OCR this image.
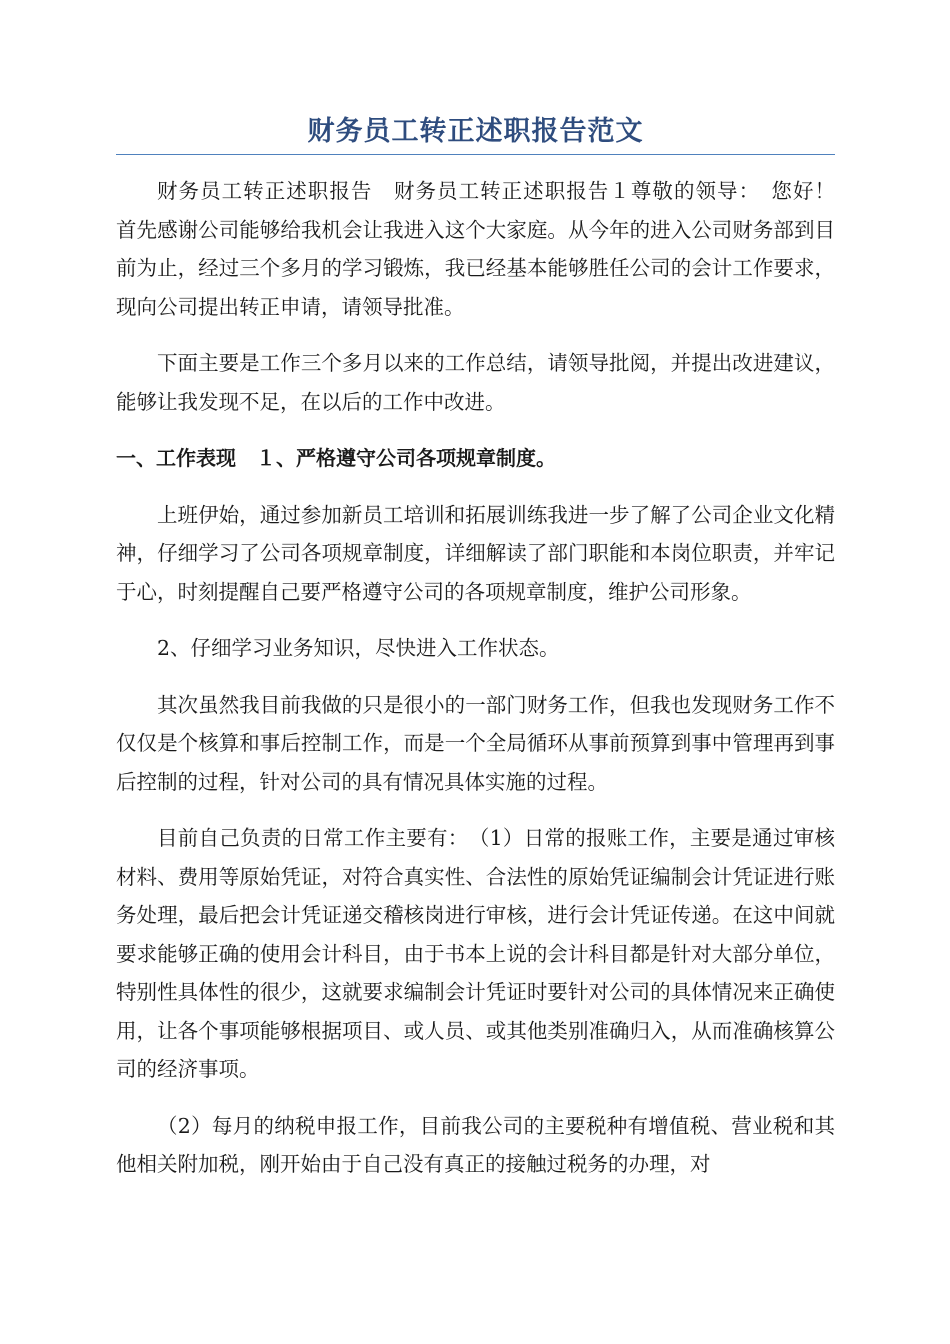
财务员工转正述职报告范文

财务员工转正述职报告　财务员工转正述职报告１尊敬的领导：　您好！　首先感谢公司能够给我机会让我进入这个大家庭。从今年的进入公司财务部到目前为止，经过三个多月的学习锻炼，我已经基本能够胜任公司的会计工作要求，现向公司提出转正申请，请领导批准。

下面主要是工作三个多月以来的工作总结，请领导批阅，并提出改进建议，能够让我发现不足，在以后的工作中改进。

一、工作表现　１、严格遵守公司各项规章制度。

上班伊始，通过参加新员工培训和拓展训练我进一步了解了公司企业文化精神，仔细学习了公司各项规章制度，详细解读了部门职能和本岗位职责，并牢记于心，时刻提醒自己要严格遵守公司的各项规章制度，维护公司形象。

2、仔细学习业务知识，尽快进入工作状态。

其次虽然我目前我做的只是很小的一部门财务工作，但我也发现财务工作不仅仅是个核算和事后控制工作，而是一个全局循环从事前预算到事中管理再到事后控制的过程，针对公司的具有情况具体实施的过程。

目前自己负责的日常工作主要有：　（1）日常的报账工作，主要是通过审核材料、费用等原始凭证，对符合真实性、合法性的原始凭证编制会计凭证进行账务处理，最后把会计凭证递交稽核岗进行审核，进行会计凭证传递。在这中间就要求能够正确的使用会计科目，由于书本上说的会计科目都是针对大部分单位，特别性具体性的很少，这就要求编制会计凭证时要针对公司的具体情况来正确使用，让各个事项能够根据项目、或人员、或其他类别准确归入，从而准确核算公司的经济事项。

（2）每月的纳税申报工作，目前我公司的主要税种有增值税、营业税和其他相关附加税，刚开始由于自己没有真正的接触过税务的办理，对
